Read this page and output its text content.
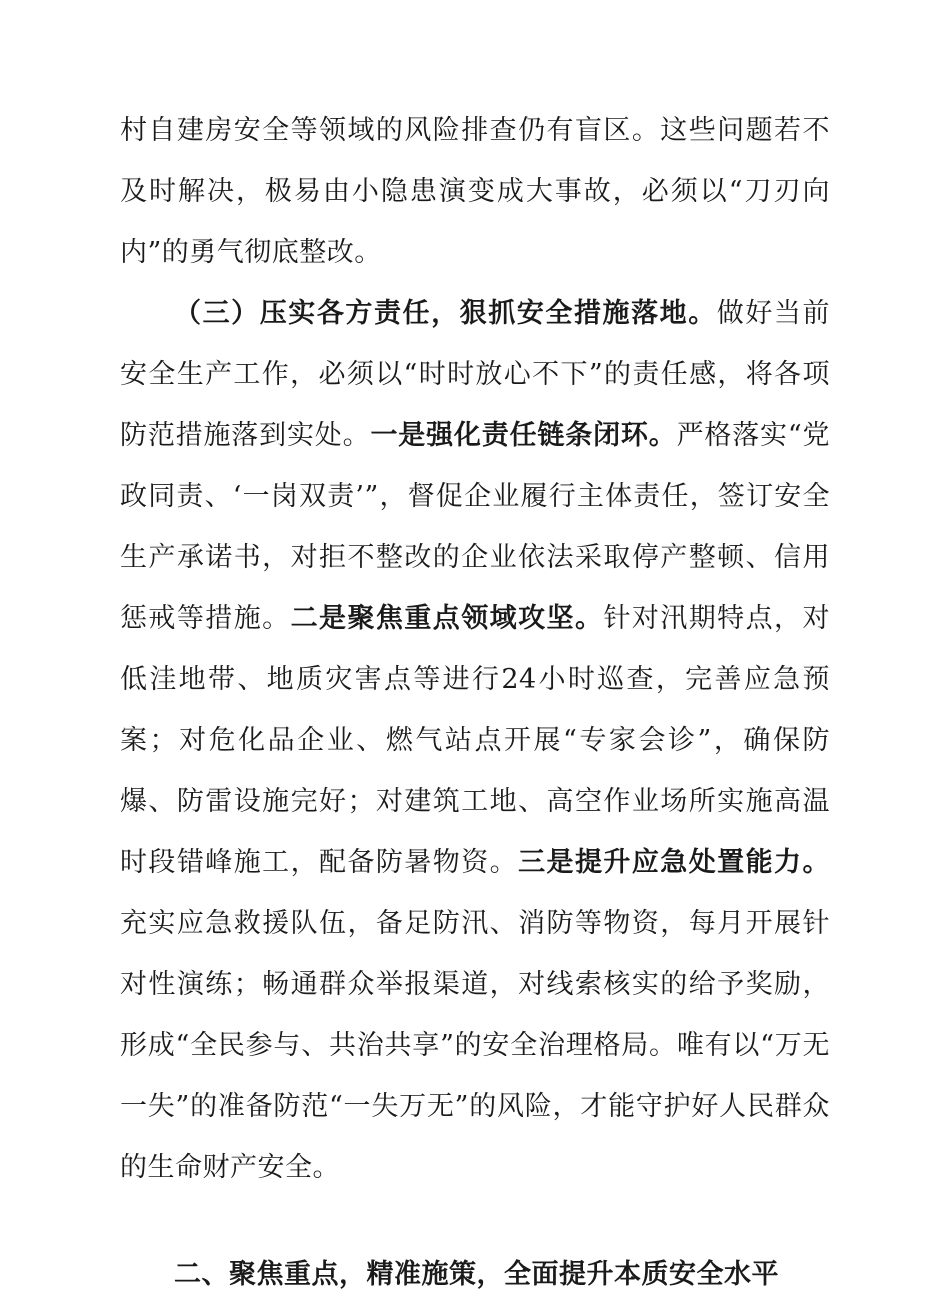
村自建房安全等领域的风险排查仍有盲区。这些问题若不及时解决，极易由小隐患演变成大事故，必须以“刀刃向内”的勇气彻底整改。

（三）压实各方责任，狠抓安全措施落地。做好当前安全生产工作，必须以“时时放心不下”的责任感，将各项防范措施落到实处。一是强化责任链条闭环。严格落实“党政同责、‘一岗双责’”，督促企业履行主体责任，签订安全生产承诺书，对拒不整改的企业依法采取停产整顿、信用惩戒等措施。二是聚焦重点领域攻坚。针对汛期特点，对低洼地带、地质灾害点等进行24小时巡查，完善应急预案；对危化品企业、燃气站点开展“专家会诊”，确保防爆、防雷设施完好；对建筑工地、高空作业场所实施高温时段错峰施工，配备防暑物资。三是提升应急处置能力。充实应急救援队伍，备足防汛、消防等物资，每月开展针对性演练；畅通群众举报渠道，对线索核实的给予奖励，形成“全民参与、共治共享”的安全治理格局。唯有以“万无一失”的准备防范“一失万无”的风险，才能守护好人民群众的生命财产安全。

二、聚焦重点，精准施策，全面提升本质安全水平
